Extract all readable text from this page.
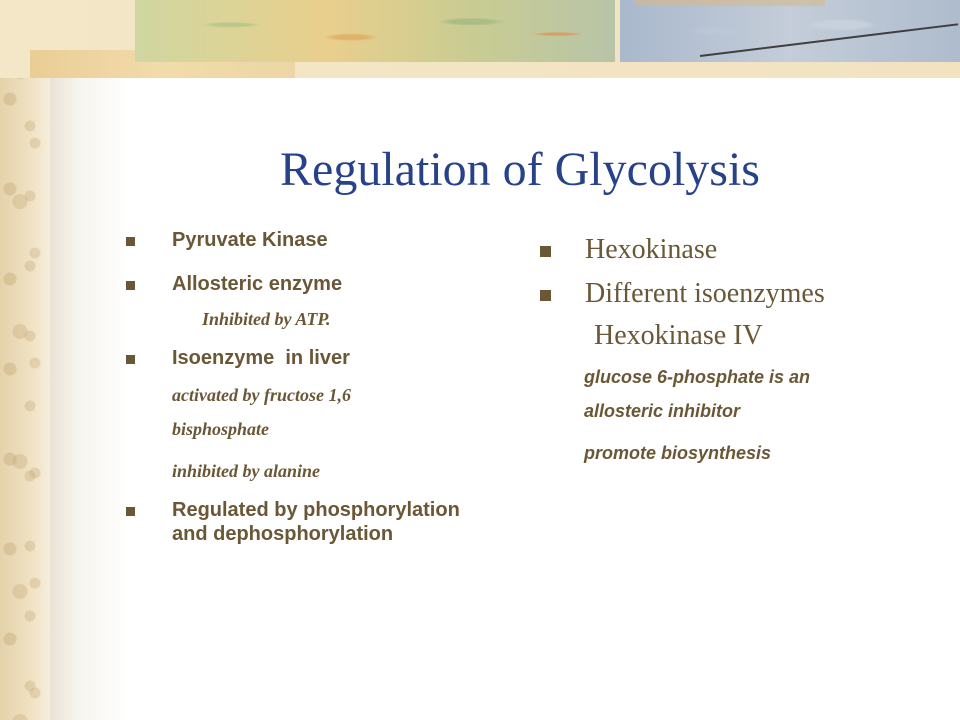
Regulation of Glycolysis
Pyruvate Kinase
Allosteric enzyme
Inhibited by ATP.
Isoenzyme  in liver
activated by fructose 1,6
bisphosphate
inhibited by alanine
Regulated by phosphorylation and dephosphorylation
Hexokinase
Different isoenzymes
Hexokinase IV
glucose 6-phosphate is an
allosteric inhibitor
promote biosynthesis
